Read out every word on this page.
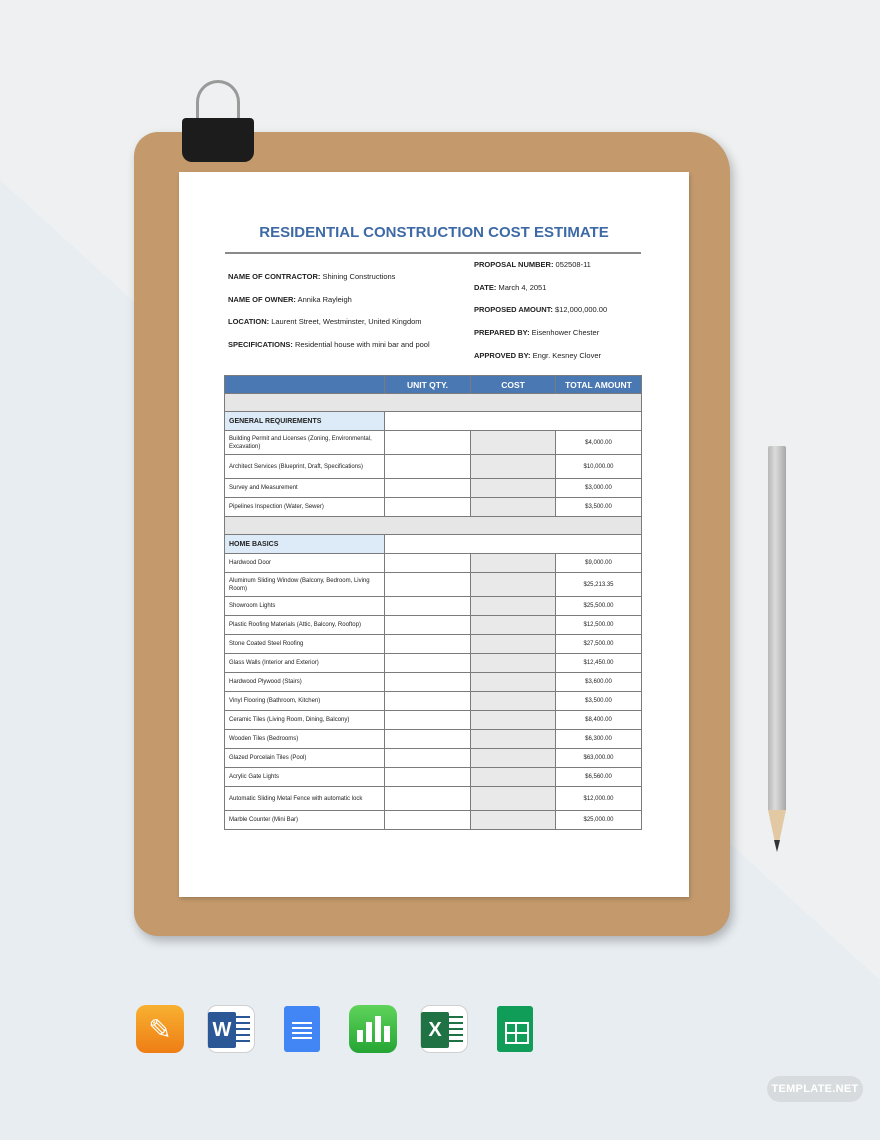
RESIDENTIAL CONSTRUCTION COST ESTIMATE
NAME OF CONTRACTOR: Shining Constructions
NAME OF OWNER: Annika Rayleigh
LOCATION: Laurent Street, Westminster, United Kingdom
SPECIFICATIONS: Residential house with mini bar and pool
PROPOSAL NUMBER: 052508-11
DATE: March 4, 2051
PROPOSED AMOUNT: $12,000,000.00
PREPARED BY: Eisenhower Chester
APPROVED BY: Engr. Kesney Clover
	UNIT QTY.	COST	TOTAL AMOUNT

GENERAL REQUIREMENTS			
Building Permit and Licenses (Zoning, Environmental, Excavation)			$4,000.00
Architect Services (Blueprint, Draft, Specifications)			$10,000.00
Survey and Measurement			$3,000.00
Pipelines Inspection (Water, Sewer)			$3,500.00

HOME BASICS			
Hardwood Door			$9,000.00
Aluminum Sliding Window (Balcony, Bedroom, Living Room)			$25,213.35
Showroom Lights			$25,500.00
Plastic Roofing Materials (Attic, Balcony, Rooftop)			$12,500.00
Stone Coated Steel Roofing			$27,500.00
Glass Walls (Interior and Exterior)			$12,450.00
Hardwood Plywood (Stairs)			$3,600.00
Vinyl Flooring (Bathroom, Kitchen)			$3,500.00
Ceramic Tiles (Living Room, Dining, Balcony)			$8,400.00
Wooden Tiles (Bedrooms)			$6,300.00
Glazed Porcelain Tiles (Pool)			$63,000.00
Acrylic Gate Lights			$6,560.00
Automatic Sliding Metal Fence with automatic lock			$12,000.00
Marble Counter (Mini Bar)			$25,000.00
✎ W	X
TEMPLATE.NET
